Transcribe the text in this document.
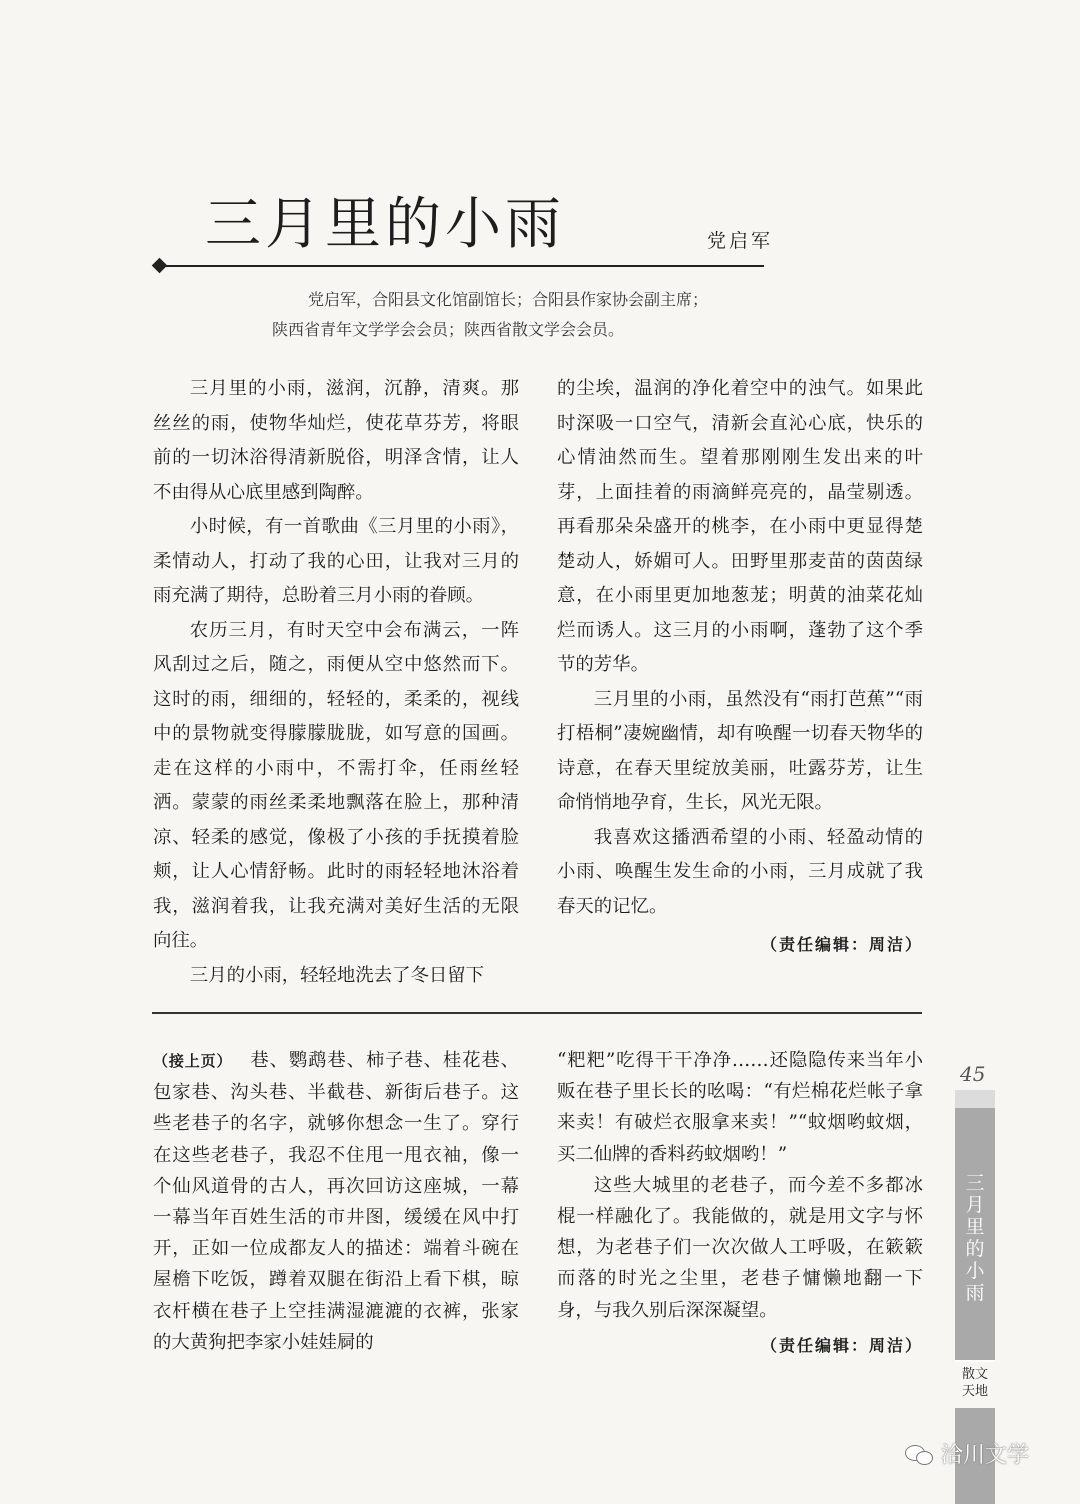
三月里的小雨	党启军
党启军，合阳县文化馆副馆长；合阳县作家协会副主席；
陕西省青年文学学会会员；陕西省散文学会会员。

三月里的小雨，滋润，沉静，清爽。那丝丝的雨，使物华灿烂，使花草芬芳，将眼前的一切沐浴得清新脱俗，明泽含情，让人不由得从心底里感到陶醉。

小时候，有一首歌曲《三月里的小雨》，柔情动人，打动了我的心田，让我对三月的雨充满了期待，总盼着三月小雨的眷顾。

农历三月，有时天空中会布满云，一阵风刮过之后，随之，雨便从空中悠然而下。这时的雨，细细的，轻轻的，柔柔的，视线中的景物就变得朦朦胧胧，如写意的国画。走在这样的小雨中，不需打伞，任雨丝轻洒。蒙蒙的雨丝柔柔地飘落在脸上，那种清凉、轻柔的感觉，像极了小孩的手抚摸着脸颊，让人心情舒畅。此时的雨轻轻地沐浴着我，滋润着我，让我充满对美好生活的无限向往。

三月的小雨，轻轻地洗去了冬日留下

的尘埃，温润的净化着空中的浊气。如果此时深吸一口空气，清新会直沁心底，快乐的心情油然而生。望着那刚刚生发出来的叶芽，上面挂着的雨滴鲜亮亮的，晶莹剔透。再看那朵朵盛开的桃李，在小雨中更显得楚楚动人，娇媚可人。田野里那麦苗的茵茵绿意，在小雨里更加地葱茏；明黄的油菜花灿烂而诱人。这三月的小雨啊，蓬勃了这个季节的芳华。

三月里的小雨，虽然没有“雨打芭蕉”“雨打梧桐”凄婉幽情，却有唤醒一切春天物华的诗意，在春天里绽放美丽，吐露芬芳，让生命悄悄地孕育，生长，风光无限。

我喜欢这播洒希望的小雨、轻盈动情的小雨、唤醒生发生命的小雨，三月成就了我春天的记忆。

（责任编辑：周洁）

（接上页） 巷、鹦鹉巷、柿子巷、桂花巷、包家巷、沟头巷、半截巷、新街后巷子。这些老巷子的名字，就够你想念一生了。穿行在这些老巷子，我忍不住甩一甩衣袖，像一个仙风道骨的古人，再次回访这座城，一幕一幕当年百姓生活的市井图，缓缓在风中打开，正如一位成都友人的描述：端着斗碗在屋檐下吃饭，蹲着双腿在街沿上看下棋，晾衣杆横在巷子上空挂满湿漉漉的衣裤，张家的大黄狗把李家小娃娃屙的

“粑粑”吃得干干净净……还隐隐传来当年小贩在巷子里长长的吆喝：“有烂棉花烂帐子拿来卖！有破烂衣服拿来卖！”“蚊烟哟蚊烟，买二仙牌的香料药蚊烟哟！”

这些大城里的老巷子，而今差不多都冰棍一样融化了。我能做的，就是用文字与怀想，为老巷子们一次次做人工呼吸，在簌簌而落的时光之尘里，老巷子慵懒地翻一下身，与我久别后深深凝望。

（责任编辑：周洁）
45
三
月
里
的
小
雨
散文
天地
洽川文学
